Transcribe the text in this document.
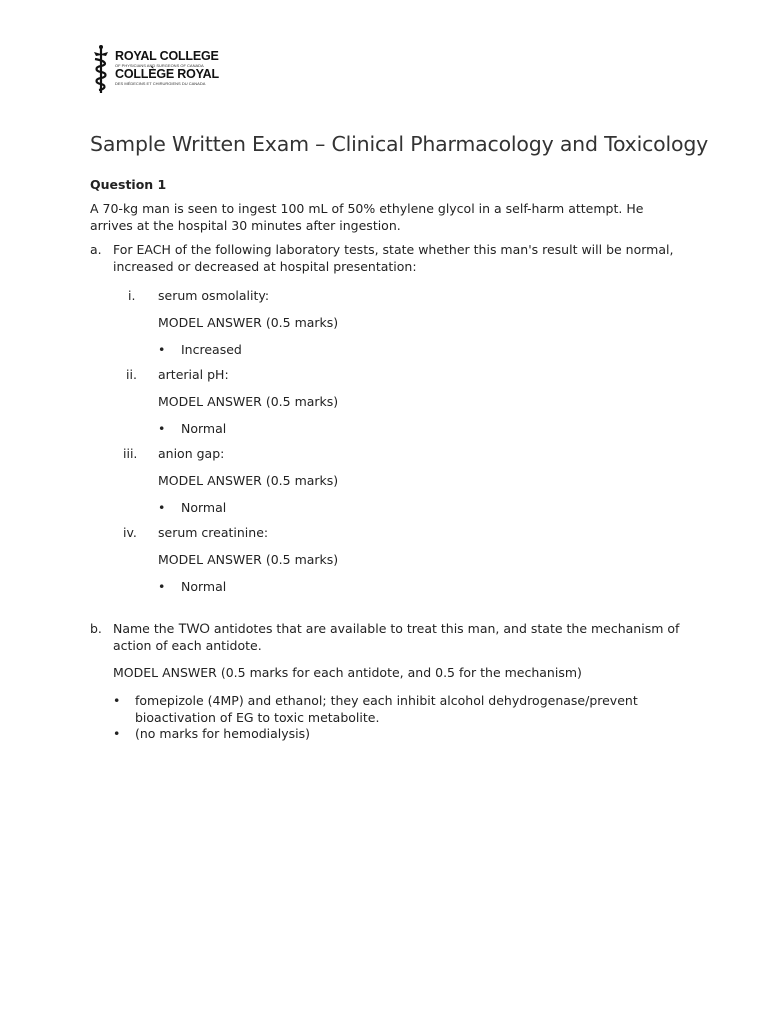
ROYAL COLLEGE
OF PHYSICIANS AND SURGEONS OF CANADA
COLLÈGE ROYAL
DES MÉDECINS ET CHIRURGIENS DU CANADA
Sample Written Exam – Clinical Pharmacology and Toxicology
Question 1
A 70-kg man is seen to ingest 100 mL of 50% ethylene glycol in a self-harm attempt. He arrives at the hospital 30 minutes after ingestion.
a. For EACH of the following laboratory tests, state whether this man's result will be normal, increased or decreased at hospital presentation:
i. serum osmolality:
MODEL ANSWER (0.5 marks)
•
Increased
ii. arterial pH:
MODEL ANSWER (0.5 marks)
•
Normal
iii. anion gap:
MODEL ANSWER (0.5 marks)
•
Normal
iv. serum creatinine:
MODEL ANSWER (0.5 marks)
•
Normal
b. Name the TWO antidotes that are available to treat this man, and state the mechanism of action of each antidote.
MODEL ANSWER (0.5 marks for each antidote, and 0.5 for the mechanism)
•
fomepizole (4MP) and ethanol; they each inhibit alcohol dehydrogenase/prevent bioactivation of EG to toxic metabolite.
•
(no marks for hemodialysis)
